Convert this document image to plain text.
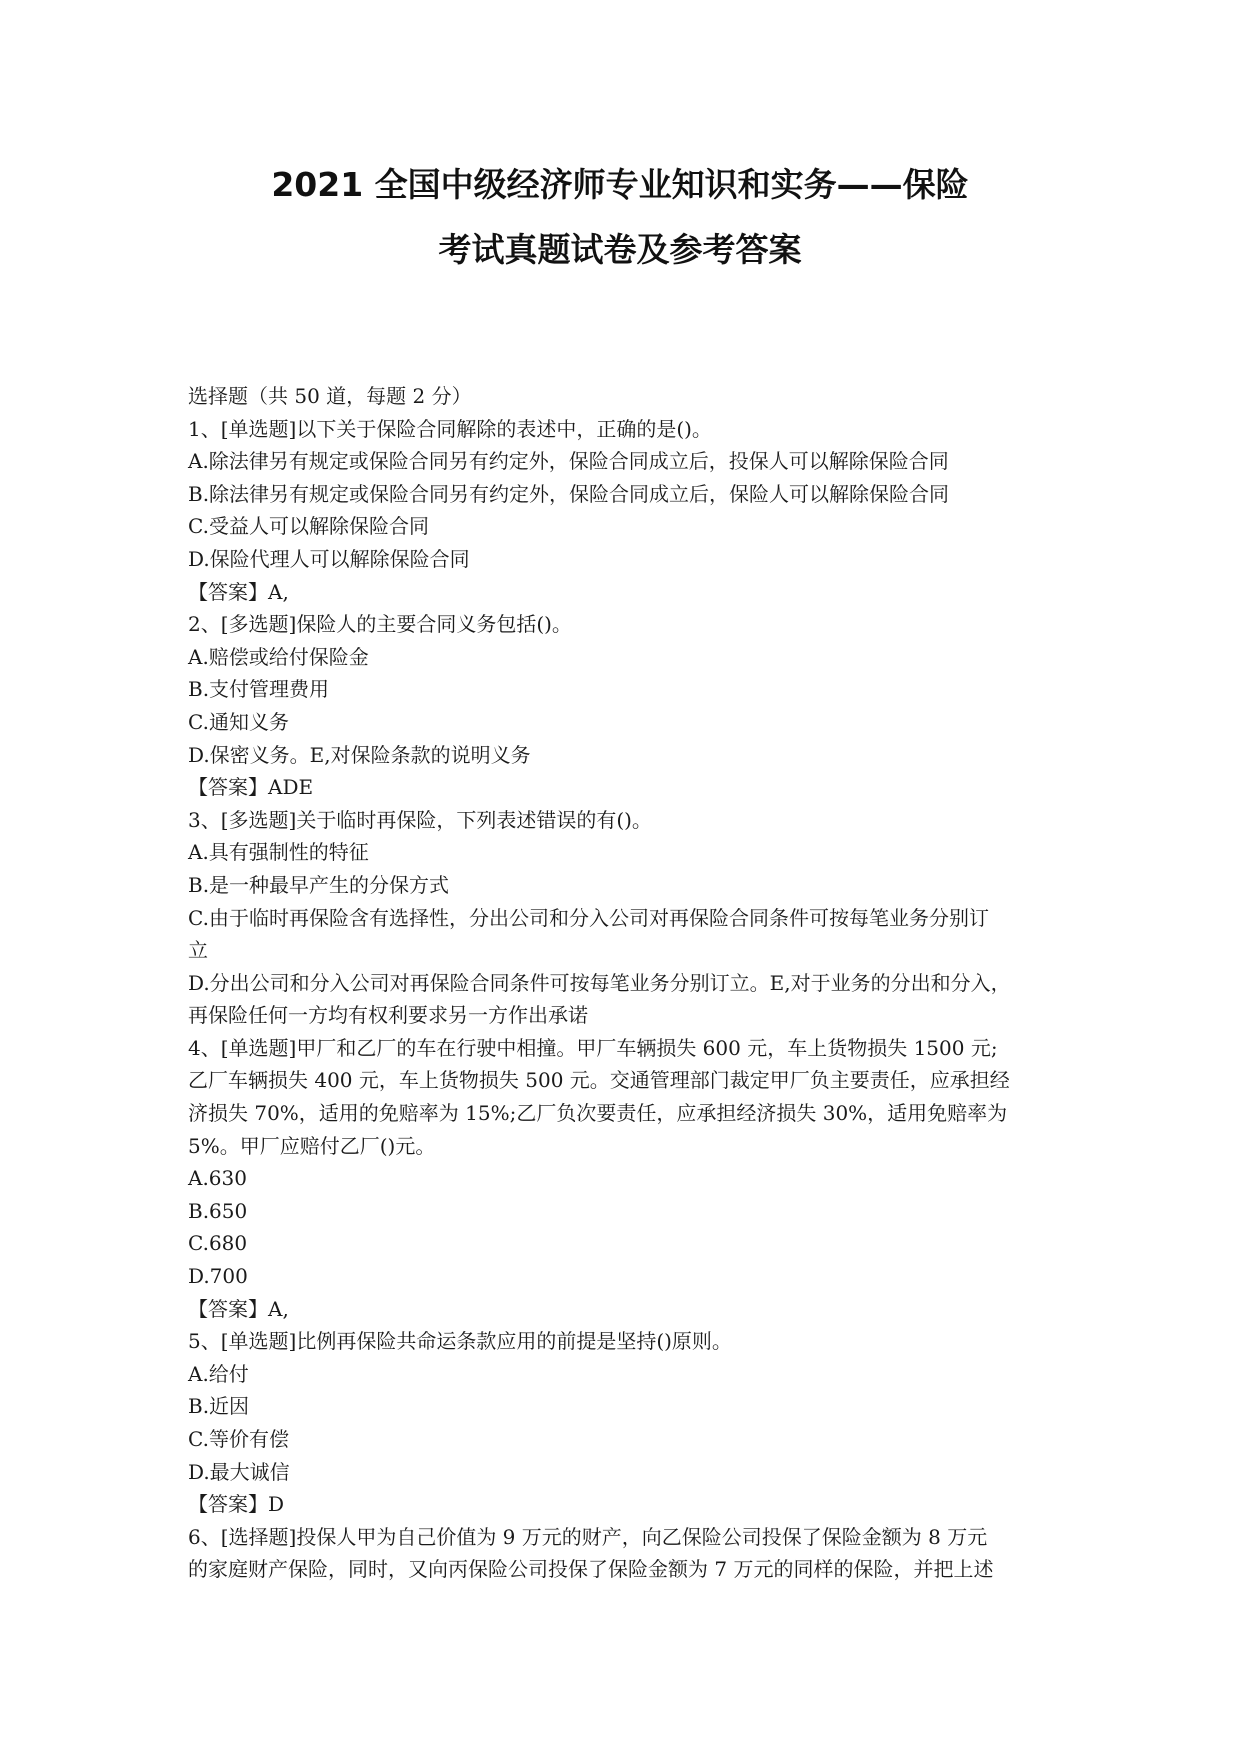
2021 全国中级经济师专业知识和实务——保险
考试真题试卷及参考答案
选择题（共 50 道，每题 2 分）
1、[单选题]以下关于保险合同解除的表述中，正确的是()。
A.除法律另有规定或保险合同另有约定外，保险合同成立后，投保人可以解除保险合同
B.除法律另有规定或保险合同另有约定外，保险合同成立后，保险人可以解除保险合同
C.受益人可以解除保险合同
D.保险代理人可以解除保险合同
【答案】A,
2、[多选题]保险人的主要合同义务包括()。
A.赔偿或给付保险金
B.支付管理费用
C.通知义务
D.保密义务。E,对保险条款的说明义务
【答案】ADE
3、[多选题]关于临时再保险，下列表述错误的有()。
A.具有强制性的特征
B.是一种最早产生的分保方式
C.由于临时再保险含有选择性，分出公司和分入公司对再保险合同条件可按每笔业务分别订
立
D.分出公司和分入公司对再保险合同条件可按每笔业务分别订立。E,对于业务的分出和分入，
再保险任何一方均有权利要求另一方作出承诺
4、[单选题]甲厂和乙厂的车在行驶中相撞。甲厂车辆损失 600 元，车上货物损失 1500 元;
乙厂车辆损失 400 元，车上货物损失 500 元。交通管理部门裁定甲厂负主要责任，应承担经
济损失 70%，适用的免赔率为 15%;乙厂负次要责任，应承担经济损失 30%，适用免赔率为
5%。甲厂应赔付乙厂()元。
A.630
B.650
C.680
D.700
【答案】A,
5、[单选题]比例再保险共命运条款应用的前提是坚持()原则。
A.给付
B.近因
C.等价有偿
D.最大诚信
【答案】D
6、[选择题]投保人甲为自己价值为 9 万元的财产，向乙保险公司投保了保险金额为 8 万元
的家庭财产保险，同时，又向丙保险公司投保了保险金额为 7 万元的同样的保险，并把上述
